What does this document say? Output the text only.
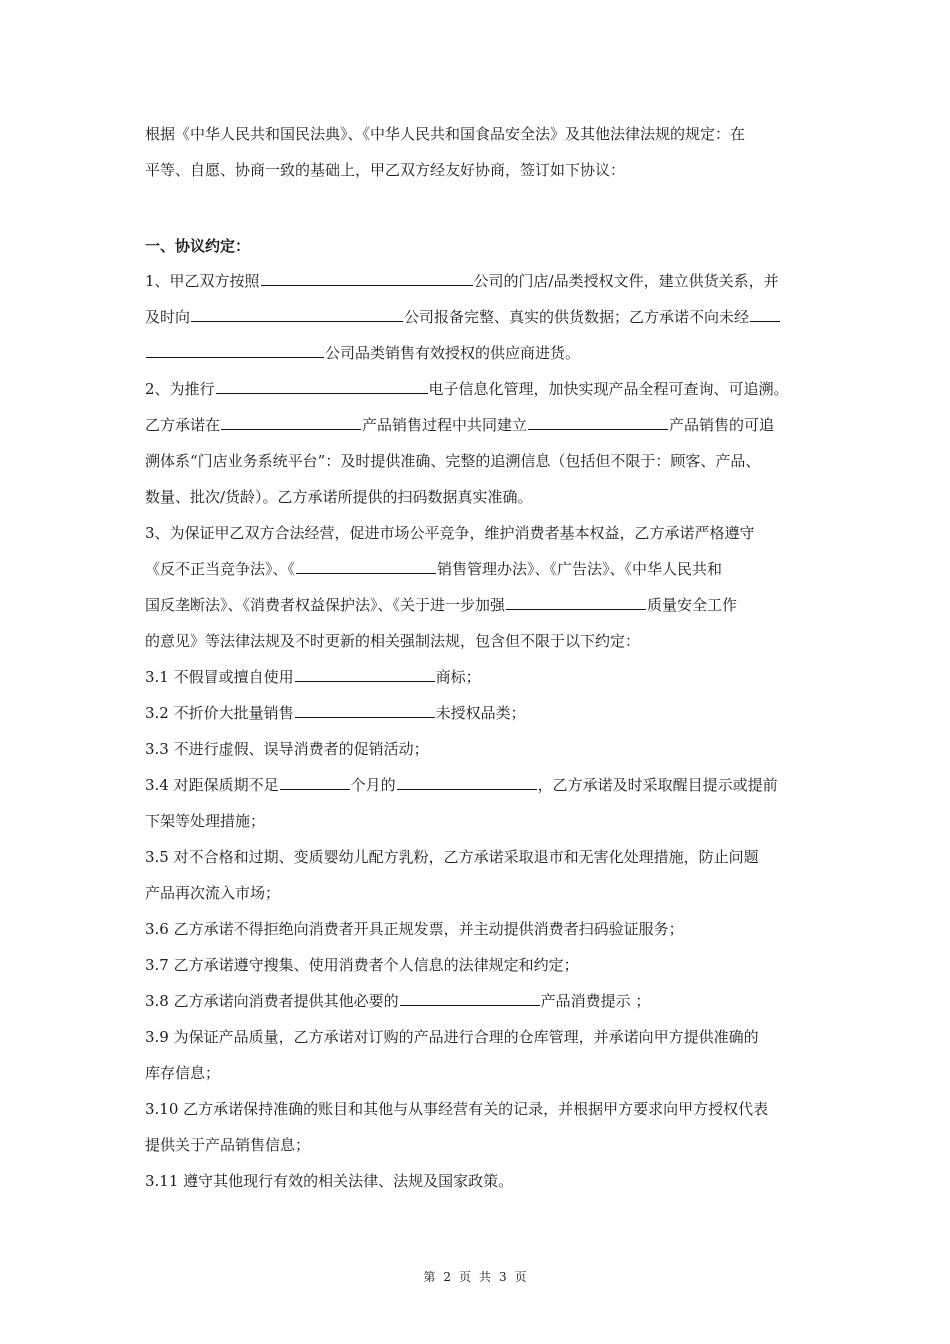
根据《中华人民共和国民法典》、《中华人民共和国食品安全法》及其他法律法规的规定：在
平等、自愿、协商一致的基础上，甲乙双方经友好协商，签订如下协议：
一、协议约定：
1、甲乙双方按照	公司的门店/品类授权文件，建立供货关系，并
及时向	公司报备完整、真实的供货数据；乙方承诺不向未经
公司品类销售有效授权的供应商进货。
2、为推行	电子信息化管理，加快实现产品全程可查询、可追溯。
乙方承诺在	产品销售过程中共同建立	产品销售的可追
溯体系“门店业务系统平台”：及时提供准确、完整的追溯信息（包括但不限于：顾客、产品、
数量、批次/货龄）。乙方承诺所提供的扫码数据真实准确。
3、为保证甲乙双方合法经营，促进市场公平竞争，维护消费者基本权益，乙方承诺严格遵守
《反不正当竞争法》、《	销售管理办法》、《广告法》、《中华人民共和
国反垄断法》、《消费者权益保护法》、《关于进一步加强	质量安全工作
的意见》等法律法规及不时更新的相关强制法规，包含但不限于以下约定：
3.1 不假冒或擅自使用	商标；
3.2 不折价大批量销售	未授权品类；
3.3 不进行虚假、误导消费者的促销活动；
3.4 对距保质期不足	个月的	，乙方承诺及时采取醒目提示或提前
下架等处理措施；
3.5 对不合格和过期、变质婴幼儿配方乳粉，乙方承诺采取退市和无害化处理措施，防止问题
产品再次流入市场；
3.6 乙方承诺不得拒绝向消费者开具正规发票，并主动提供消费者扫码验证服务；
3.7 乙方承诺遵守搜集、使用消费者个人信息的法律规定和约定；
3.8 乙方承诺向消费者提供其他必要的	产品消费提示 ；
3.9 为保证产品质量，乙方承诺对订购的产品进行合理的仓库管理，并承诺向甲方提供准确的
库存信息；
3.10 乙方承诺保持准确的账目和其他与从事经营有关的记录，并根据甲方要求向甲方授权代表
提供关于产品销售信息；
3.11 遵守其他现行有效的相关法律、法规及国家政策。
第 2 页 共 3 页
